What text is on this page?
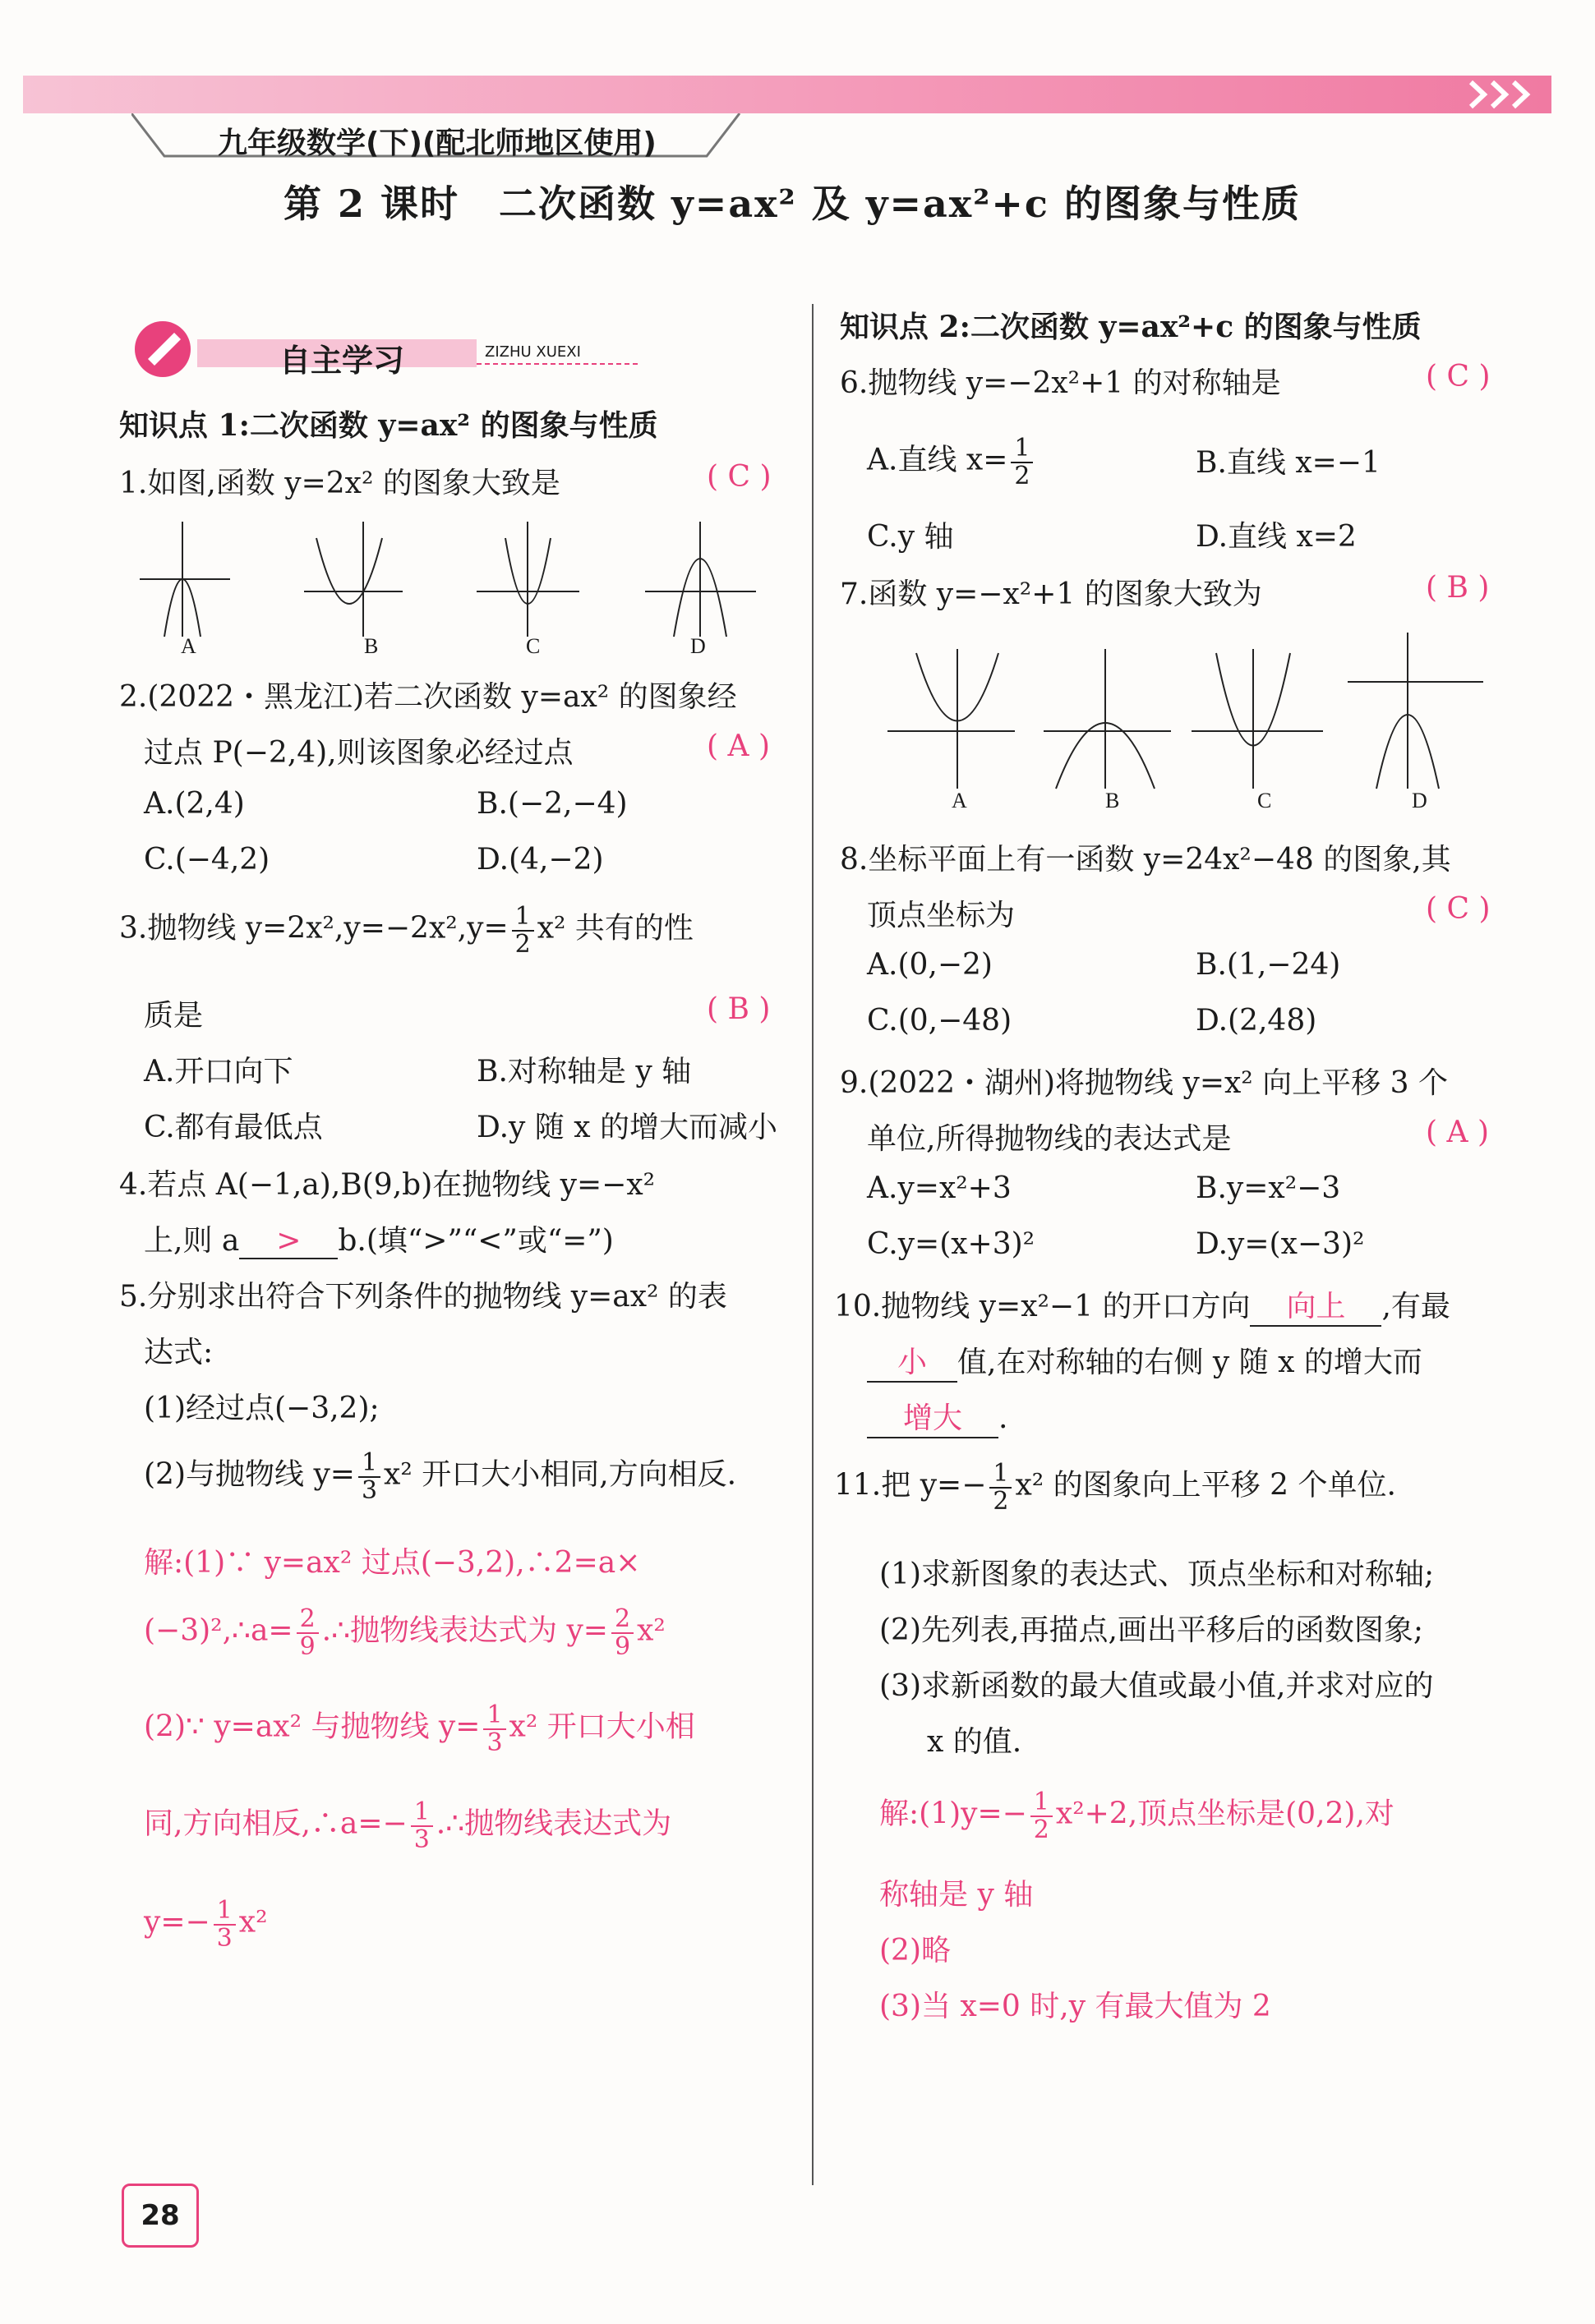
九年级数学(下)(配北师地区使用)
第 2 课时　二次函数 y=ax² 及 y=ax²+c 的图象与性质
自主学习	ZIZHU XUEXI
知识点 1:二次函数 y=ax² 的图象与性质
1.如图,函数 y=2x² 的图象大致是	( C )
A	B	C	D
2.(2022・黑龙江)若二次函数 y=ax² 的图象经
过点 P(−2,4),则该图象必经过点	( A )
A.(2,4)	B.(−2,−4)
C.(−4,2)	D.(4,−2)
3.抛物线 $y=2x^2,y=-2x^2,y= \frac{1}{2} x^2$ 共有的性
质是	( B )
A.开口向下	B.对称轴是 y 轴
C.都有最低点	D.y 随 x 的增大而减小
4.若点 A(−1,a),B(9,b)在抛物线 y=−x²
上,则 a > b.(填“>”“<”或“=”)
5.分别求出符合下列条件的抛物线 y=ax² 的表
达式:
(1)经过点(−3,2);
(2)与抛物线 $y= \frac{1}{3} x^2$ 开口大小相同,方向相反.
解:(1)∵ y=ax² 过点(−3,2),∴2=a×
(−3)²,∴a= $\frac{2}{9}$ .∴抛物线表达式为 $y= \frac{2}{9} x^2$
(2)∵ y=ax² 与抛物线 $y= \frac{1}{3} x^2$ 开口大小相
同,方向相反,∴a=− $\frac{1}{3}$ .∴抛物线表达式为
$y=- \frac{1}{3} x^2$
知识点 2:二次函数 y=ax²+c 的图象与性质
6.抛物线 y=−2x²+1 的对称轴是	( C )
A.直线 $x= \frac{1}{2}$	B.直线 x=−1
C.y 轴	D.直线 x=2
7.函数 y=−x²+1 的图象大致为	( B )
A	B	C	D
8.坐标平面上有一函数 y=24x²−48 的图象,其
顶点坐标为	( C )
A.(0,−2)	B.(1,−24)
C.(0,−48)	D.(2,48)
9.(2022・湖州)将抛物线 y=x² 向上平移 3 个
单位,所得抛物线的表达式是	( A )
A.y=x²+3	B.y=x²−3
C.y=(x+3)²	D.y=(x−3)²
10.抛物线 y=x²−1 的开口方向 向上 ,有最
小 值,在对称轴的右侧 y 随 x 的增大而
增大 .
11.把 $y=- \frac{1}{2} x^2$ 的图象向上平移 2 个单位.
(1)求新图象的表达式、顶点坐标和对称轴;
(2)先列表,再描点,画出平移后的函数图象;
(3)求新函数的最大值或最小值,并求对应的
x 的值.
解:(1)y=− $\frac{1}{2} x^2+2$,顶点坐标是(0,2),对
称轴是 y 轴
(2)略
(3)当 x=0 时,y 有最大值为 2
28
